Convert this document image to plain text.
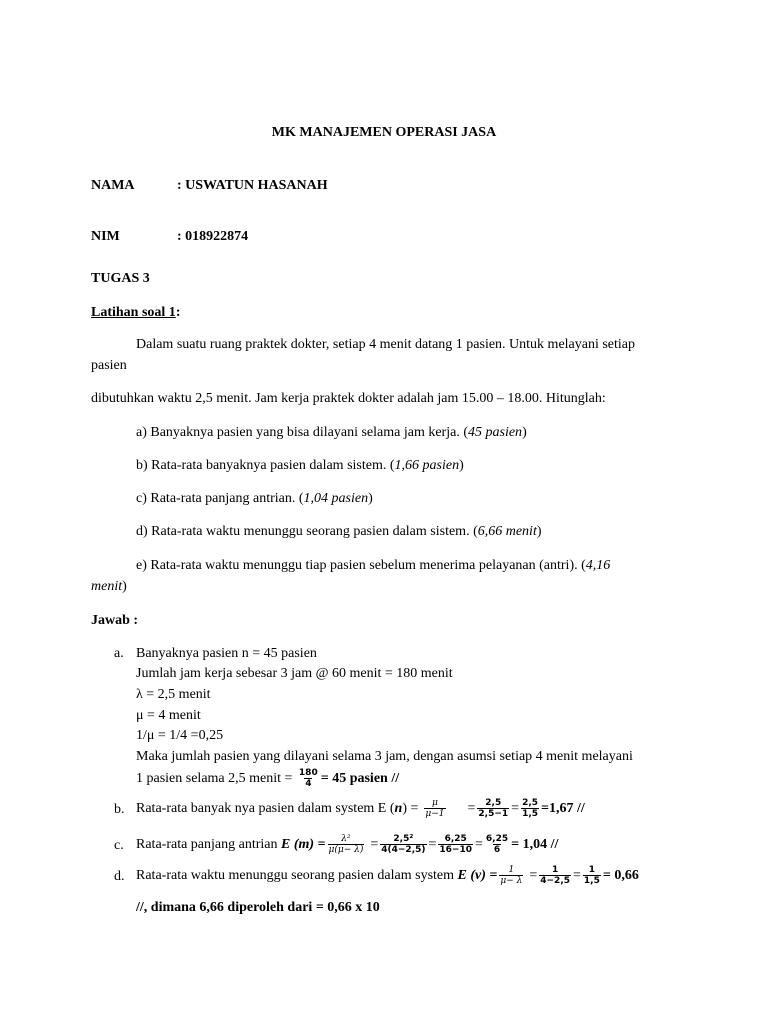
MK MANAJEMEN OPERASI JASA
NAMA	: USWATUN HASANAH
NIM	: 018922874
TUGAS 3
Latihan soal 1:
Dalam suatu ruang praktek dokter, setiap 4 menit datang 1 pasien. Untuk melayani setiap
pasien
dibutuhkan waktu 2,5 menit. Jam kerja praktek dokter adalah jam 15.00 – 18.00. Hitunglah:
a) Banyaknya pasien yang bisa dilayani selama jam kerja. (45 pasien)
b) Rata-rata banyaknya pasien dalam sistem. (1,66 pasien)
c) Rata-rata panjang antrian. (1,04 pasien)
d) Rata-rata waktu menunggu seorang pasien dalam sistem. (6,66 menit)
e) Rata-rata waktu menunggu tiap pasien sebelum menerima pelayanan (antri). (4,16
menit)
Jawab :
a. Banyaknya pasien n = 45 pasien
Jumlah jam kerja sebesar 3 jam @ 60 menit = 180 menit
λ = 2,5 menit
μ = 4 menit
1/μ = 1/4 =0,25
Maka jumlah pasien yang dilayani selama 3 jam, dengan asumsi setiap 4 menit melayani
1 pasien selama 2,5 menit = $\frac{180}{4} = 45$ pasien //
b. Rata-rata banyak nya pasien dalam system E $(n) = \frac{\mu}{\mu-1} = \frac{2,5}{2,5-1} = \frac{2,5}{1,5} =1,67$ //
c. Rata-rata panjang antrian E $(m) = \frac{\text{λ²}}{\mu(\mu- \lambda)} = \frac{\text{2,5²}}{4(4-2,5)} = \frac{6,25}{16-10} = \frac{6,25}{6} = 1,04$ //
d. Rata-rata waktu menunggu seorang pasien dalam system E $(v) = \frac{1}{\mu- \lambda} = \frac{1}{4-2,5} = \frac{1}{1,5} = 0,66$
//, dimana 6,66 diperoleh dari = 0,66 x 10
